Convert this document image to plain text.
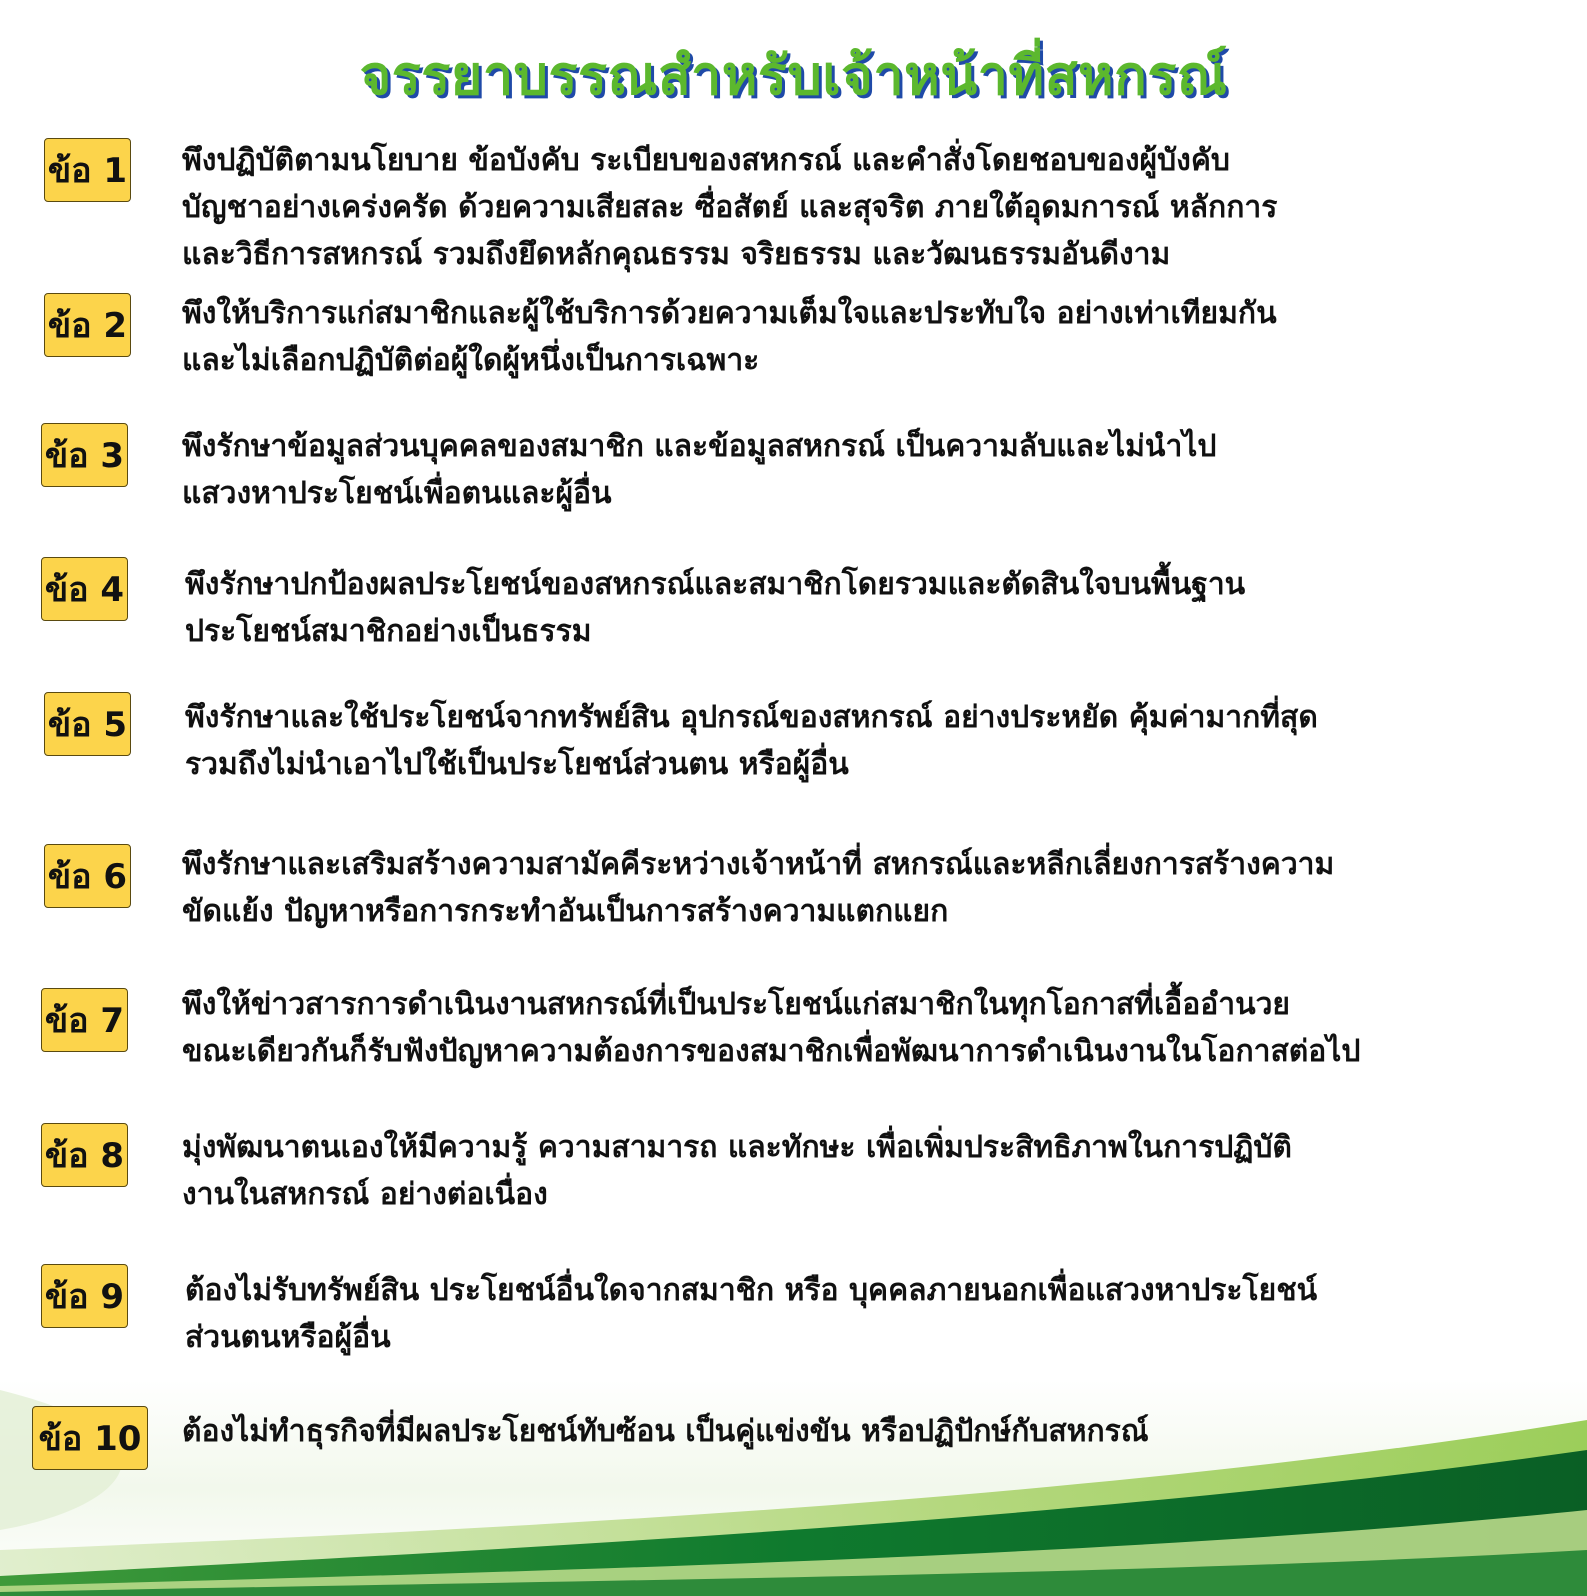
จรรยาบรรณสำหรับเจ้าหน้าที่สหกรณ์
ข้อ 1 พึงปฏิบัติตามนโยบาย ข้อบังคับ ระเบียบของสหกรณ์ และคำสั่งโดยชอบของผู้บังคับ
บัญชาอย่างเคร่งครัด ด้วยความเสียสละ ซื่อสัตย์ และสุจริต ภายใต้อุดมการณ์ หลักการ
และวิธีการสหกรณ์ รวมถึงยึดหลักคุณธรรม จริยธรรม และวัฒนธรรมอันดีงาม

ข้อ 2 พึงให้บริการแก่สมาชิกและผู้ใช้บริการด้วยความเต็มใจและประทับใจ อย่างเท่าเทียมกัน
และไม่เลือกปฏิบัติต่อผู้ใดผู้หนึ่งเป็นการเฉพาะ

ข้อ 3 พึงรักษาข้อมูลส่วนบุคคลของสมาชิก และข้อมูลสหกรณ์ เป็นความลับและไม่นำไป
แสวงหาประโยชน์เพื่อตนและผู้อื่น

ข้อ 4 พึงรักษาปกป้องผลประโยชน์ของสหกรณ์และสมาชิกโดยรวมและตัดสินใจบนพื้นฐาน
ประโยชน์สมาชิกอย่างเป็นธรรม

ข้อ 5 พึงรักษาและใช้ประโยชน์จากทรัพย์สิน อุปกรณ์ของสหกรณ์ อย่างประหยัด คุ้มค่ามากที่สุด
รวมถึงไม่นำเอาไปใช้เป็นประโยชน์ส่วนตน หรือผู้อื่น

ข้อ 6 พึงรักษาและเสริมสร้างความสามัคคีระหว่างเจ้าหน้าที่ สหกรณ์และหลีกเลี่ยงการสร้างความ
ขัดแย้ง ปัญหาหรือการกระทำอันเป็นการสร้างความแตกแยก

ข้อ 7 พึงให้ข่าวสารการดำเนินงานสหกรณ์ที่เป็นประโยชน์แก่สมาชิกในทุกโอกาสที่เอื้ออำนวย
ขณะเดียวกันก็รับฟังปัญหาความต้องการของสมาชิกเพื่อพัฒนาการดำเนินงานในโอกาสต่อไป

ข้อ 8 มุ่งพัฒนาตนเองให้มีความรู้ ความสามารถ และทักษะ เพื่อเพิ่มประสิทธิภาพในการปฏิบัติ
งานในสหกรณ์ อย่างต่อเนื่อง

ข้อ 9 ต้องไม่รับทรัพย์สิน ประโยชน์อื่นใดจากสมาชิก หรือ บุคคลภายนอกเพื่อแสวงหาประโยชน์
ส่วนตนหรือผู้อื่น

ข้อ 10 ต้องไม่ทำธุรกิจที่มีผลประโยชน์ทับซ้อน เป็นคู่แข่งขัน หรือปฏิปักษ์กับสหกรณ์
